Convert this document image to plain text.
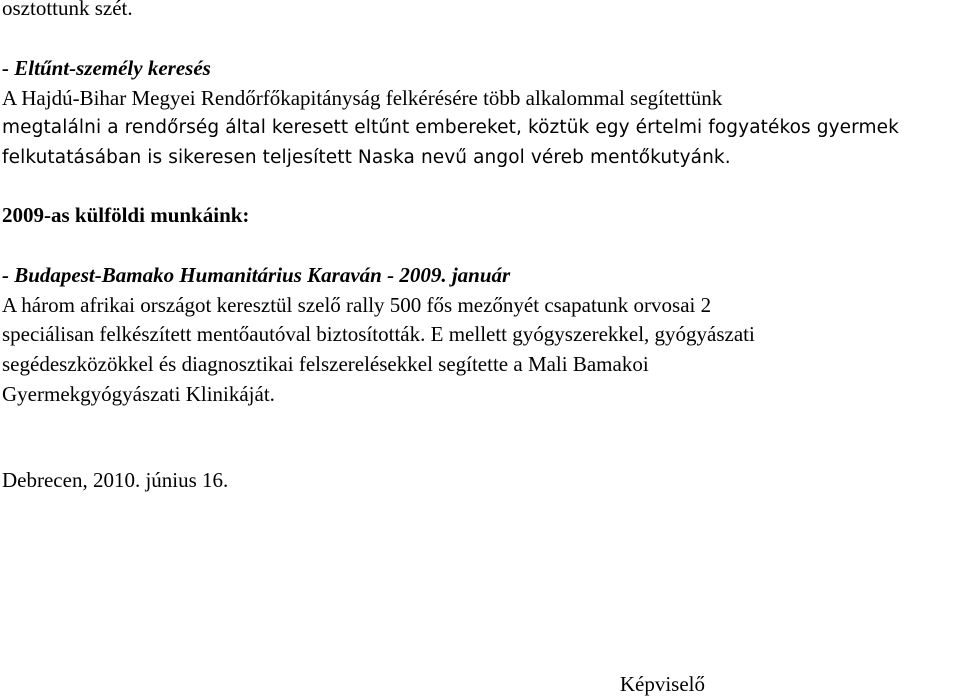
osztottunk szét.
- Eltűnt-személy keresés
A Hajdú-Bihar Megyei Rendőrfőkapitányság felkérésére több alkalommal segítettünk
megtalálni a rendőrség által keresett eltűnt embereket, köztük egy értelmi fogyatékos gyermek
felkutatásában is sikeresen teljesített Naska nevű angol véreb mentőkutyánk.
2009-as külföldi munkáink:
- Budapest-Bamako Humanitárius Karaván - 2009. január
A három afrikai országot keresztül szelő rally 500 fős mezőnyét csapatunk orvosai 2
speciálisan felkészített mentőautóval biztosították. E mellett gyógyszerekkel, gyógyászati
segédeszközökkel és diagnosztikai felszerelésekkel segítette a Mali Bamakoi
Gyermekgyógyászati Klinikáját.
Debrecen, 2010. június 16.
Képviselő
